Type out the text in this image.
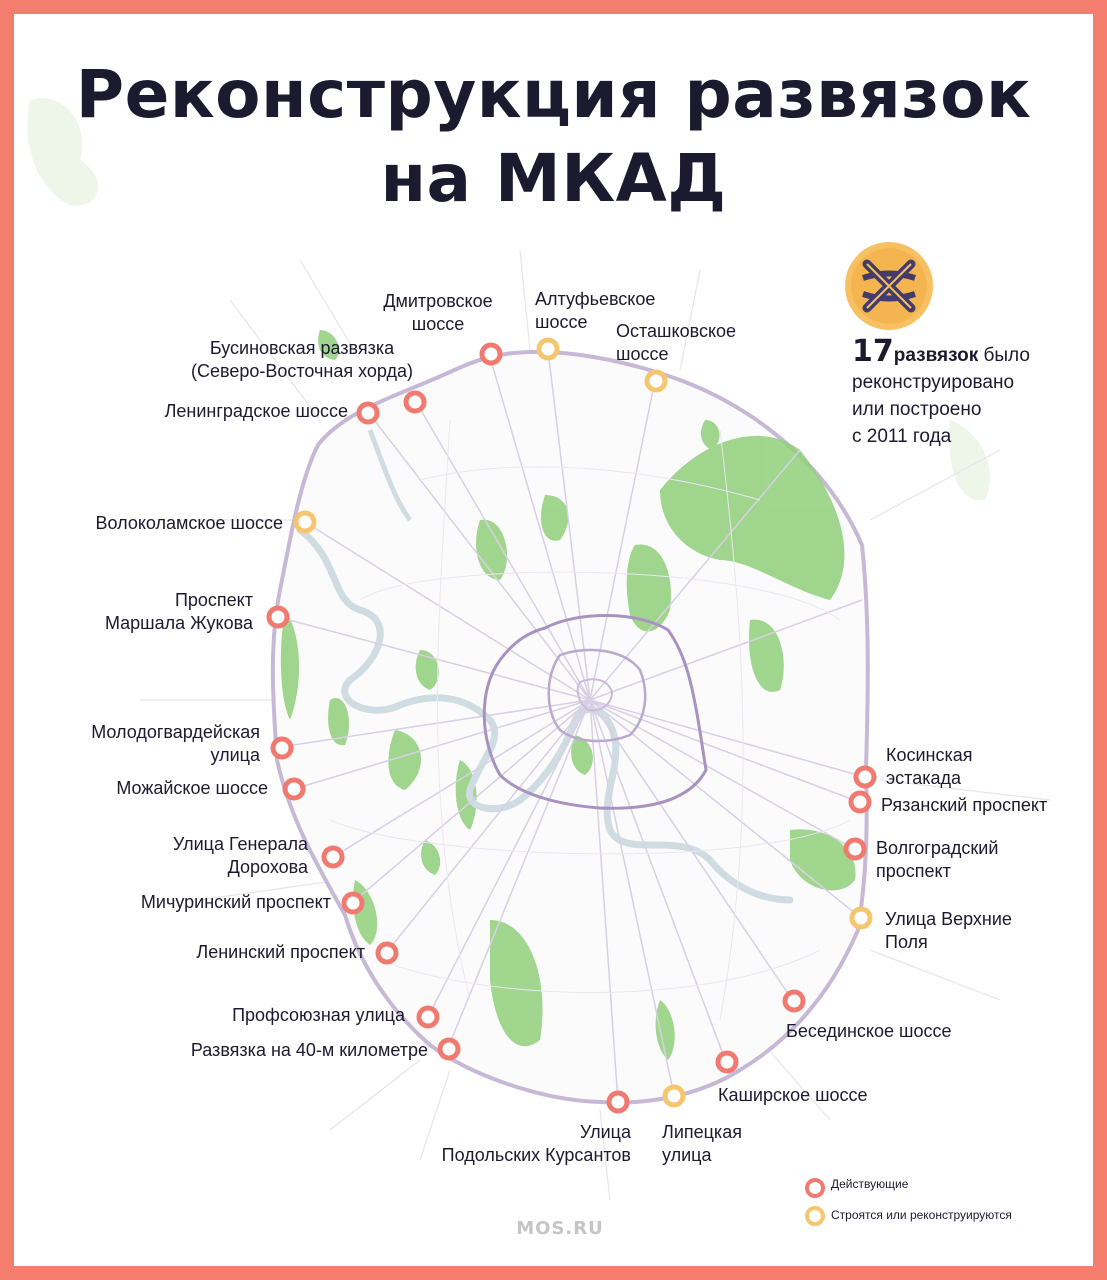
Реконструкция развязок
на МКАД
Дмитровское
шоссе
Алтуфьевское
шоссе	Осташковское
шоссе
Бусиновская развязка
(Северо-Восточная хорда)
Ленинградское шоссе
Волоколамское шоссе
Проспект
Маршала Жукова
Молодогвардейская
улица
Можайское шоссе
Улица Генерала
Дорохова
Мичуринский проспект
Ленинский проспект
Профсоюзная улица
Развязка на 40-м километре
Улица
Подольских Курсантов
Липецкая
улица
Каширское шоссе
Бесединское шоссе
Улица Верхние
Поля
Волгоградский
проспект
Рязанский проспект
Косинская
эстакада
17развязок было
реконструировано
или построено
с 2011 года
Действующие
Строятся или реконструируются
MOS.RU
